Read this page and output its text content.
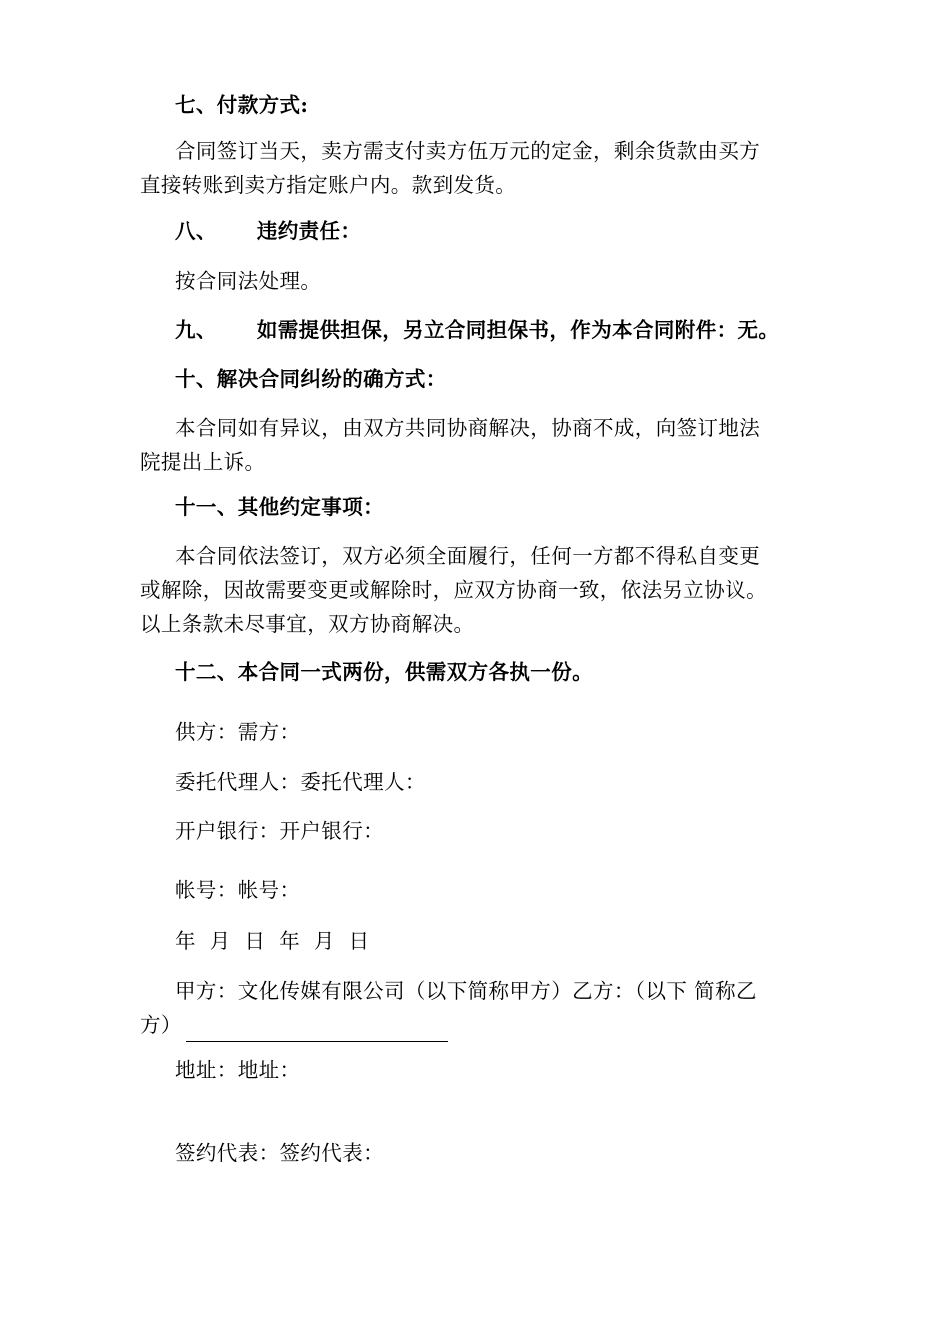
七、付款方式:
合同签订当天，卖方需支付卖方伍万元的定金，剩余货款由买方
直接转账到卖方指定账户内。款到发货。
八、 违约责任：
按合同法处理。
九、 如需提供担保，另立合同担保书，作为本合同附件：无。
十、解决合同纠纷的确方式：
本合同如有异议，由双方共同协商解决，协商不成，向签订地法
院提出上诉。
十一、其他约定事项：
本合同依法签订，双方必须全面履行，任何一方都不得私自变更
或解除，因故需要变更或解除时，应双方协商一致，依法另立协议。
以上条款未尽事宜，双方协商解决。
十二、本合同一式两份，供需双方各执一份。
供方：需方：
委托代理人：委托代理人：
开户银行：开户银行：
帐号：帐号：
年  月  日  年  月  日
甲方：文化传媒有限公司（以下简称甲方）乙方：（以下 简称乙
方）
地址：地址：
签约代表：签约代表：
